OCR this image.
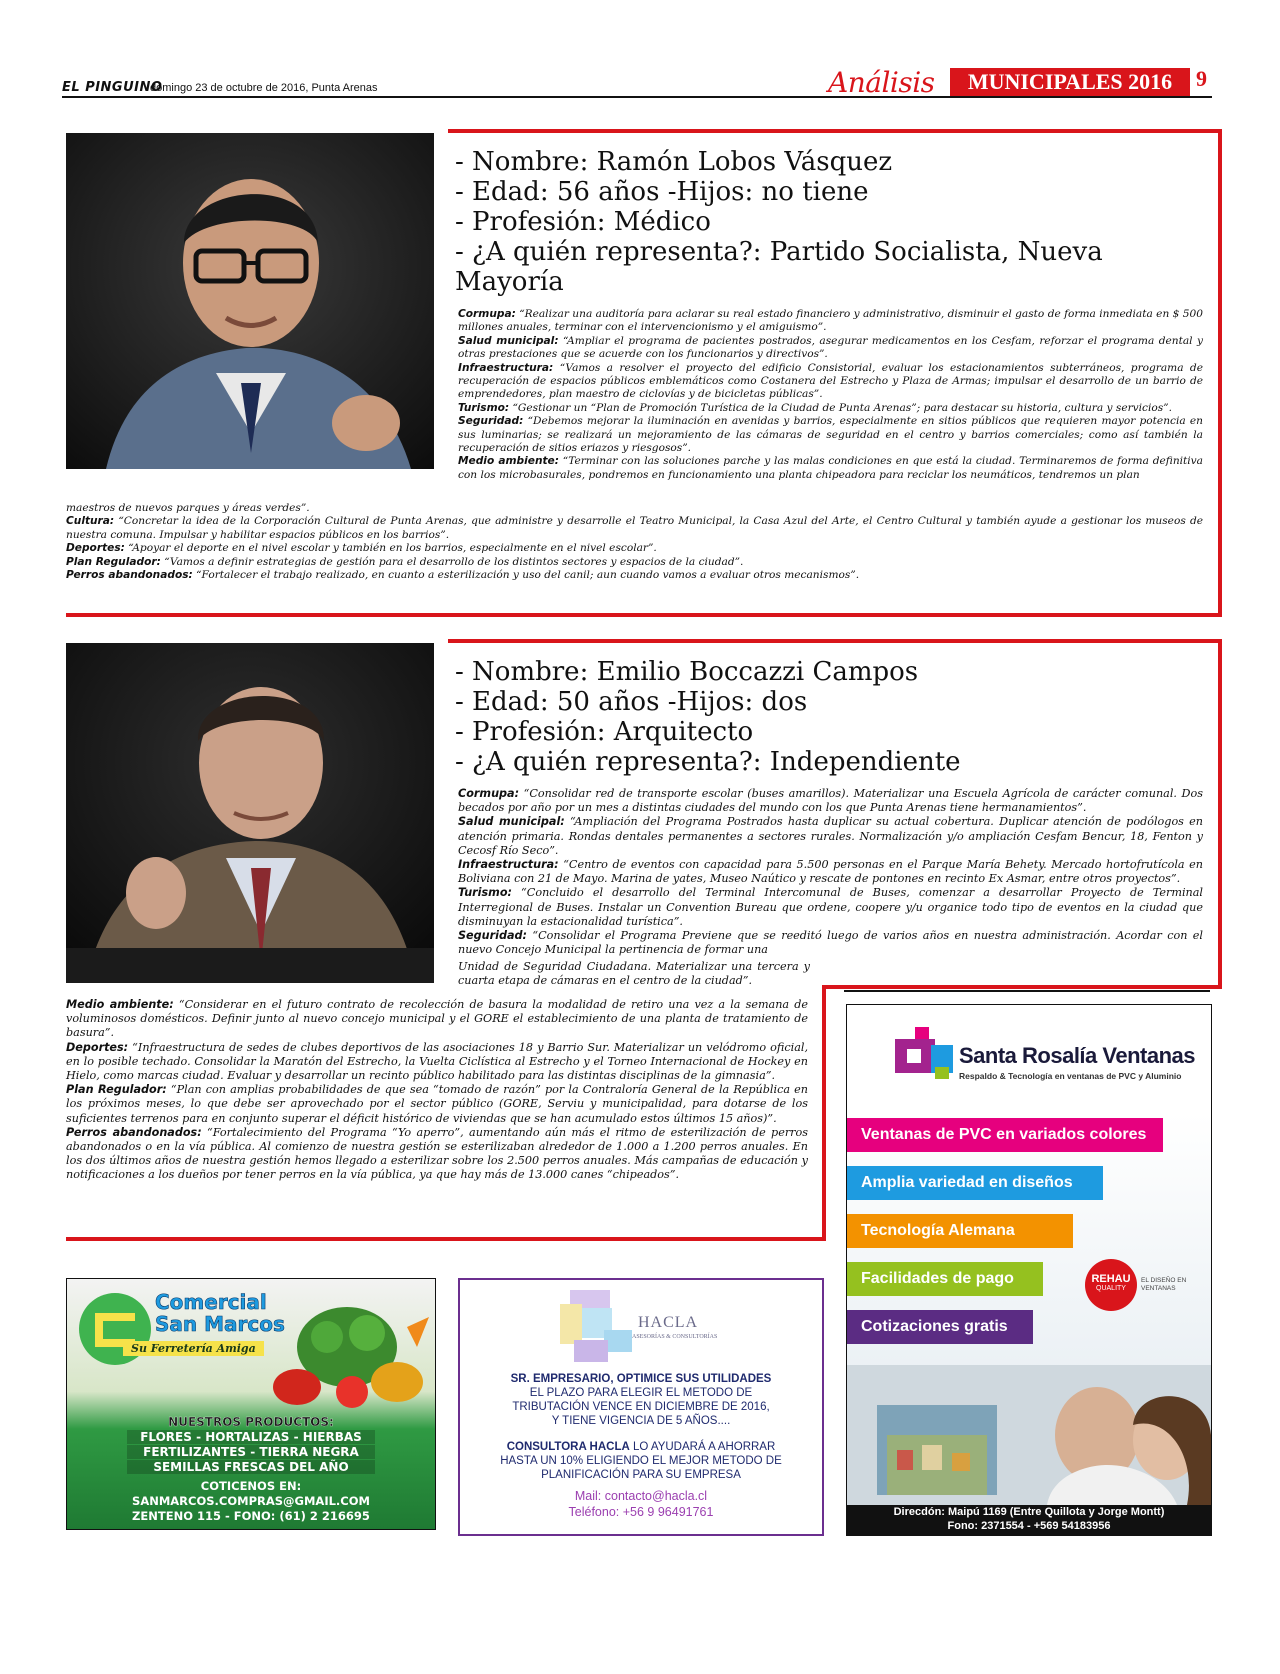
EL PINGUINO
domingo 23 de octubre de 2016, Punta Arenas	Análisis	MUNICIPALES 2016	9
- Nombre: Ramón Lobos Vásquez
- Edad: 56 años -Hijos: no tiene
- Profesión: Médico
- ¿A quién representa?: Partido Socialista, Nueva
Mayoría

Cormupa: “Realizar una auditoría para aclarar su real estado financiero y administrativo, disminuir el gasto de forma inmediata en $ 500 millones anuales, terminar con el intervencionismo y el amiguismo”.

Salud municipal: “Ampliar el programa de pacientes postrados, asegurar medicamentos en los Cesfam, reforzar el programa dental y otras prestaciones que se acuerde con los funcionarios y directivos”.

Infraestructura: “Vamos a resolver el proyecto del edificio Consistorial, evaluar los estacionamientos subterráneos, programa de recuperación de espacios públicos emblemáticos como Costanera del Estrecho y Plaza de Armas; impulsar el desarrollo de un barrio de emprendedores, plan maestro de ciclovías y de bicicletas públicas”.

Turismo: “Gestionar un “Plan de Promoción Turística de la Ciudad de Punta Arenas”; para destacar su historia, cultura y servicios”.

Seguridad: “Debemos mejorar la iluminación en avenidas y barrios, especialmente en sitios públicos que requieren mayor potencia en sus luminarias; se realizará un mejoramiento de las cámaras de seguridad en el centro y barrios comerciales; como así también la recuperación de sitios eriazos y riesgosos”.

Medio ambiente: “Terminar con las soluciones parche y las malas condiciones en que está la ciudad. Terminaremos de forma definitiva con los microbasurales, pondremos en funcionamiento una planta chipeadora para reciclar los neumáticos, tendremos un plan

maestros de nuevos parques y áreas verdes”.

Cultura: “Concretar la idea de la Corporación Cultural de Punta Arenas, que administre y desarrolle el Teatro Municipal, la Casa Azul del Arte, el Centro Cultural y también ayude a gestionar los museos de nuestra comuna. Impulsar y habilitar espacios públicos en los barrios”.

Deportes: “Apoyar el deporte en el nivel escolar y también en los barrios, especialmente en el nivel escolar”.

Plan Regulador: “Vamos a definir estrategias de gestión para el desarrollo de los distintos sectores y espacios de la ciudad”.

Perros abandonados: “Fortalecer el trabajo realizado, en cuanto a esterilización y uso del canil; aun cuando vamos a evaluar otros mecanismos”.

- Nombre: Emilio Boccazzi Campos
- Edad: 50 años -Hijos: dos
- Profesión: Arquitecto
- ¿A quién representa?: Independiente

Cormupa: “Consolidar red de transporte escolar (buses amarillos). Materializar una Escuela Agrícola de carácter comunal. Dos becados por año por un mes a distintas ciudades del mundo con los que Punta Arenas tiene hermanamientos”.

Salud municipal: “Ampliación del Programa Postrados hasta duplicar su actual cobertura. Duplicar atención de podólogos en atención primaria. Rondas dentales permanentes a sectores rurales. Normalización y/o ampliación Cesfam Bencur, 18, Fenton y Cecosf Río Seco”.

Infraestructura: “Centro de eventos con capacidad para 5.500 personas en el Parque María Behety. Mercado hortofrutícola en Boliviana con 21 de Mayo. Marina de yates, Museo Naútico y rescate de pontones en recinto Ex Asmar, entre otros proyectos”.

Turismo: “Concluido el desarrollo del Terminal Intercomunal de Buses, comenzar a desarrollar Proyecto de Terminal Interregional de Buses. Instalar un Convention Bureau que ordene, coopere y/u organice todo tipo de eventos en la ciudad que disminuyan la estacionalidad turística”.

Seguridad: “Consolidar el Programa Previene que se reeditó luego de varios años en nuestra administración. Acordar con el nuevo Concejo Municipal la pertinencia de formar una

Unidad de Seguridad Ciudadana. Materializar una tercera y cuarta etapa de cámaras en el centro de la ciudad”.

Medio ambiente: “Considerar en el futuro contrato de recolección de basura la modalidad de retiro una vez a la semana de voluminosos domésticos. Definir junto al nuevo concejo municipal y el GORE el establecimiento de una planta de tratamiento de basura”.

Deportes: “Infraestructura de sedes de clubes deportivos de las asociaciones 18 y Barrio Sur. Materializar un velódromo oficial, en lo posible techado. Consolidar la Maratón del Estrecho, la Vuelta Ciclística al Estrecho y el Torneo Internacional de Hockey en Hielo, como marcas ciudad. Evaluar y desarrollar un recinto público habilitado para las distintas disciplinas de la gimnasia”.

Plan Regulador: “Plan con amplias probabilidades de que sea “tomado de razón” por la Contraloría General de la República en los próximos meses, lo que debe ser aprovechado por el sector público (GORE, Serviu y municipalidad, para dotarse de los suficientes terrenos para en conjunto superar el déficit histórico de viviendas que se han acumulado estos últimos 15 años)”.

Perros abandonados: “Fortalecimiento del Programa “Yo aperro”, aumentando aún más el ritmo de esterilización de perros abandonados o en la vía pública. Al comienzo de nuestra gestión se esterilizaban alrededor de 1.000 a 1.200 perros anuales. En los dos últimos años de nuestra gestión hemos llegado a esterilizar sobre los 2.500 perros anuales. Más campañas de educación y notificaciones a los dueños por tener perros en la vía pública, ya que hay más de 13.000 canes “chipeados”.

Santa Rosalía Ventanas
Respaldo & Tecnología en ventanas de PVC y Aluminio
Ventanas de PVC en variados colores
Amplia variedad en diseños
Tecnología Alemana
Facilidades de pago
Cotizaciones gratis
REHAU
QUALITY
EL DISEÑO EN VENTANAS
Direcdón: Maipú 1169 (Entre Quillota y Jorge Montt)
Fono: 2371554 - +569 54183956
Comercial
San Marcos
Su Ferretería Amiga
NUESTROS PRODUCTOS:
FLORES - HORTALIZAS - HIERBAS
FERTILIZANTES - TIERRA NEGRA
SEMILLAS FRESCAS DEL AÑO
COTICENOS EN:
SANMARCOS.COMPRAS@GMAIL.COM
ZENTENO 115 - FONO: (61) 2 216695
HACLA
ASESORÍAS & CONSULTORÍAS
SR. EMPRESARIO, OPTIMICE SUS UTILIDADES
EL PLAZO PARA ELEGIR EL METODO DE
TRIBUTACIÓN VENCE EN DICIEMBRE DE 2016,
Y TIENE VIGENCIA DE 5 AÑOS....
CONSULTORA HACLA LO AYUDARÁ A AHORRAR
HASTA UN 10% ELIGIENDO EL MEJOR METODO DE
PLANIFICACIÓN PARA SU EMPRESA
Mail: contacto@hacla.cl
Teléfono: +56 9 96491761
